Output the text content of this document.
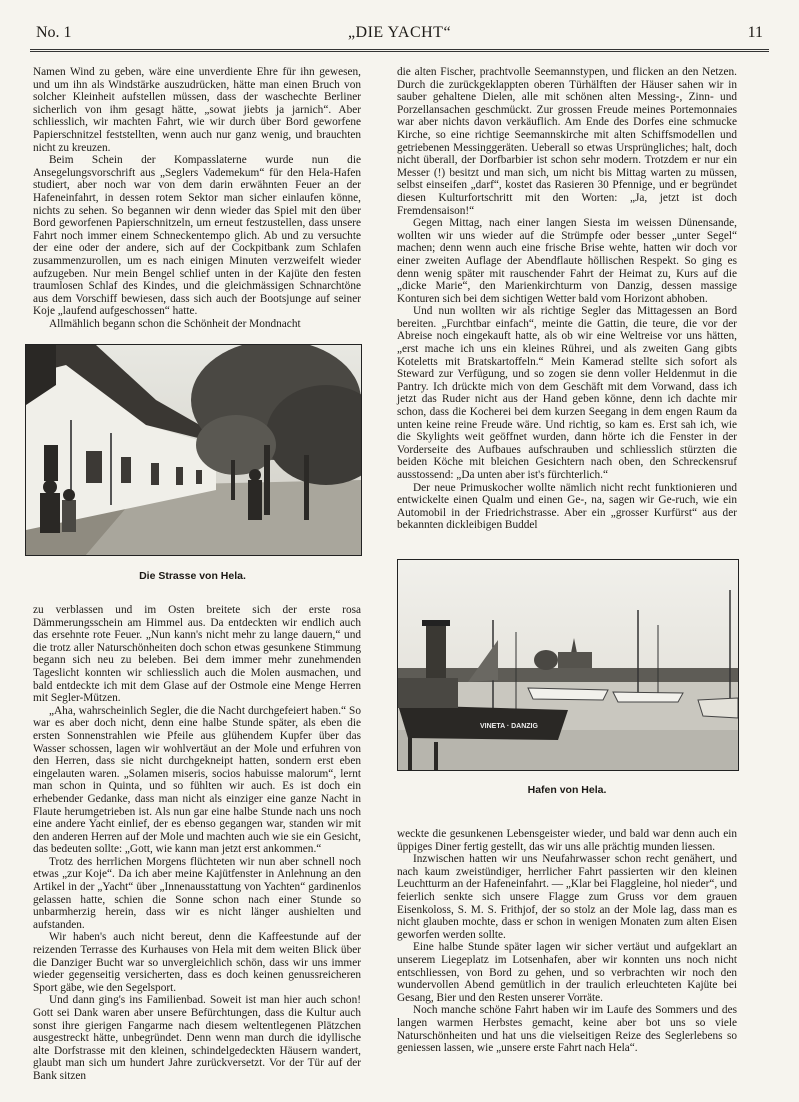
No. 1	„DIE YACHT“	11

Namen Wind zu geben, wäre eine unverdiente Ehre für ihn gewesen, und um ihn als Windstärke auszudrücken, hätte man einen Bruch von solcher Kleinheit aufstellen müssen, dass der waschechte Berliner sicherlich von ihm gesagt hätte, „sowat jiebts ja jarnich“. Aber schliesslich, wir machten Fahrt, wie wir durch über Bord geworfene Papierschnitzel feststellten, wenn auch nur ganz wenig, und brauchten nicht zu kreuzen.

Beim Schein der Kompasslaterne wurde nun die Ansegelungsvorschrift aus „Seglers Vademekum“ für den Hela-Hafen studiert, aber noch war von dem darin erwähnten Feuer an der Hafeneinfahrt, in dessen rotem Sektor man sicher einlaufen könne, nichts zu sehen. So begannen wir denn wieder das Spiel mit den über Bord geworfenen Papierschnitzeln, um erneut festzustellen, dass unsere Fahrt noch immer einem Schneckentempo glich. Ab und zu versuchte der eine oder der andere, sich auf der Cockpitbank zum Schlafen zusammenzurollen, um es nach einigen Minuten verzweifelt wieder aufzugeben. Nur mein Bengel schlief unten in der Kajüte den festen traumlosen Schlaf des Kindes, und die gleichmässigen Schnarchtöne aus dem Vorschiff bewiesen, dass sich auch der Bootsjunge auf seiner Koje „laufend aufgeschossen“ hatte.

Allmählich begann schon die Schönheit der Mondnacht

Die Strasse von Hela.

zu verblassen und im Osten breitete sich der erste rosa Dämmerungsschein am Himmel aus. Da entdeckten wir endlich auch das ersehnte rote Feuer. „Nun kann's nicht mehr zu lange dauern,“ und die trotz aller Naturschönheiten doch schon etwas gesunkene Stimmung begann sich neu zu beleben. Bei dem immer mehr zunehmenden Tageslicht konnten wir schliesslich auch die Molen ausmachen, und bald entdeckte ich mit dem Glase auf der Ostmole eine Menge Herren mit Segler-Mützen.

„Aha, wahrscheinlich Segler, die die Nacht durchgefeiert haben.“ So war es aber doch nicht, denn eine halbe Stunde später, als eben die ersten Sonnenstrahlen wie Pfeile aus glühendem Kupfer über das Wasser schossen, lagen wir wohlvertäut an der Mole und erfuhren von den Herren, dass sie nicht durchgekneipt hatten, sondern erst eben eingelauten waren. „Solamen miseris, socios habuisse malorum“, lernt man schon in Quinta, und so fühlten wir auch. Es ist doch ein erhebender Gedanke, dass man nicht als einziger eine ganze Nacht in Flaute herumgetrieben ist. Als nun gar eine halbe Stunde nach uns noch eine andere Yacht einlief, der es ebenso gegangen war, standen wir mit den anderen Herren auf der Mole und machten auch wie sie ein Gesicht, das bedeuten sollte: „Gott, wie kann man jetzt erst ankommen.“

Trotz des herrlichen Morgens flüchteten wir nun aber schnell noch etwas „zur Koje“. Da ich aber meine Kajütfenster in Anlehnung an den Artikel in der „Yacht“ über „Innenausstattung von Yachten“ gardinenlos gelassen hatte, schien die Sonne schon nach einer Stunde so unbarmherzig herein, dass wir es nicht länger aushielten und aufstanden.

Wir haben's auch nicht bereut, denn die Kaffeestunde auf der reizenden Terrasse des Kurhauses von Hela mit dem weiten Blick über die Danziger Bucht war so unvergleichlich schön, dass wir uns immer wieder gegenseitig versicherten, dass es doch keinen genussreicheren Sport gäbe, wie den Segelsport.

Und dann ging's ins Familienbad. Soweit ist man hier auch schon! Gott sei Dank waren aber unsere Befürchtungen, dass die Kultur auch sonst ihre gierigen Fangarme nach diesem weltentlegenen Plätzchen ausgestreckt hätte, unbegründet. Denn wenn man durch die idyllische alte Dorfstrasse mit den kleinen, schindelgedeckten Häusern wandert, glaubt man sich um hundert Jahre zurückversetzt. Vor der Tür auf der Bank sitzen

die alten Fischer, prachtvolle Seemannstypen, und flicken an den Netzen. Durch die zurückgeklappten oberen Türhälften der Häuser sahen wir in sauber gehaltene Dielen, alle mit schönen alten Messing-, Zinn- und Porzellansachen geschmückt. Zur grossen Freude meines Portemonnaies war aber nichts davon verkäuflich. Am Ende des Dorfes eine schmucke Kirche, so eine richtige Seemannskirche mit alten Schiffsmodellen und getriebenen Messinggeräten. Ueberall so etwas Ursprüngliches; halt, doch nicht überall, der Dorfbarbier ist schon sehr modern. Trotzdem er nur ein Messer (!) besitzt und man sich, um nicht bis Mittag warten zu müssen, selbst einseifen „darf“, kostet das Rasieren 30 Pfennige, und er begründet diesen Kulturfortschritt mit den Worten: „Ja, jetzt ist doch Fremdensaison!“

Gegen Mittag, nach einer langen Siesta im weissen Dünensande, wollten wir uns wieder auf die Strümpfe oder besser „unter Segel“ machen; denn wenn auch eine frische Brise wehte, hatten wir doch vor einer zweiten Auflage der Abendflaute höllischen Respekt. So ging es denn wenig später mit rauschender Fahrt der Heimat zu, Kurs auf die „dicke Marie“, den Marienkirchturm von Danzig, dessen massige Konturen sich bei dem sichtigen Wetter bald vom Horizont abhoben.

Und nun wollten wir als richtige Segler das Mittagessen an Bord bereiten. „Furchtbar einfach“, meinte die Gattin, die teure, die vor der Abreise noch eingekauft hatte, als ob wir eine Weltreise vor uns hätten, „erst mache ich uns ein kleines Rührei, und als zweiten Gang gibts Koteletts mit Bratskartoffeln.“ Mein Kamerad stellte sich sofort als Steward zur Verfügung, und so zogen sie denn voller Heldenmut in die Pantry. Ich drückte mich von dem Geschäft mit dem Vorwand, dass ich jetzt das Ruder nicht aus der Hand geben könne, denn ich dachte mir schon, dass die Kocherei bei dem kurzen Seegang in dem engen Raum da unten keine reine Freude wäre. Und richtig, so kam es. Erst sah ich, wie die Skylights weit geöffnet wurden, dann hörte ich die Fenster in der Vorderseite des Aufbaues aufschrauben und schliesslich stürzten die beiden Köche mit bleichen Gesichtern nach oben, den Schreckensruf ausstossend: „Da unten aber ist's fürchterlich.“

Der neue Primuskocher wollte nämlich nicht recht funktionieren und entwickelte einen Qualm und einen Ge-, na, sagen wir Ge-ruch, wie ein Automobil in der Friedrichstrasse. Aber ein „grosser Kurfürst“ aus der bekannten dickleibigen Buddel

VINETA · DANZIG
Hafen von Hela.

weckte die gesunkenen Lebensgeister wieder, und bald war denn auch ein üppiges Diner fertig gestellt, das wir uns alle prächtig munden liessen.

Inzwischen hatten wir uns Neufahrwasser schon recht genähert, und nach kaum zweistündiger, herrlicher Fahrt passierten wir den kleinen Leuchtturm an der Hafeneinfahrt. — „Klar bei Flaggleine, hol nieder“, und feierlich senkte sich unsere Flagge zum Gruss vor dem grauen Eisenkoloss, S. M. S. Frithjof, der so stolz an der Mole lag, dass man es nicht glauben mochte, dass er schon in wenigen Monaten zum alten Eisen geworfen werden sollte.

Eine halbe Stunde später lagen wir sicher vertäut und aufgeklart an unserem Liegeplatz im Lotsenhafen, aber wir konnten uns noch nicht entschliessen, von Bord zu gehen, und so verbrachten wir noch den wundervollen Abend gemütlich in der traulich erleuchteten Kajüte bei Gesang, Bier und den Resten unserer Vorräte.

Noch manche schöne Fahrt haben wir im Laufe des Sommers und des langen warmen Herbstes gemacht, keine aber bot uns so viele Naturschönheiten und hat uns die vielseitigen Reize des Seglerlebens so geniessen lassen, wie „unsere erste Fahrt nach Hela“.
